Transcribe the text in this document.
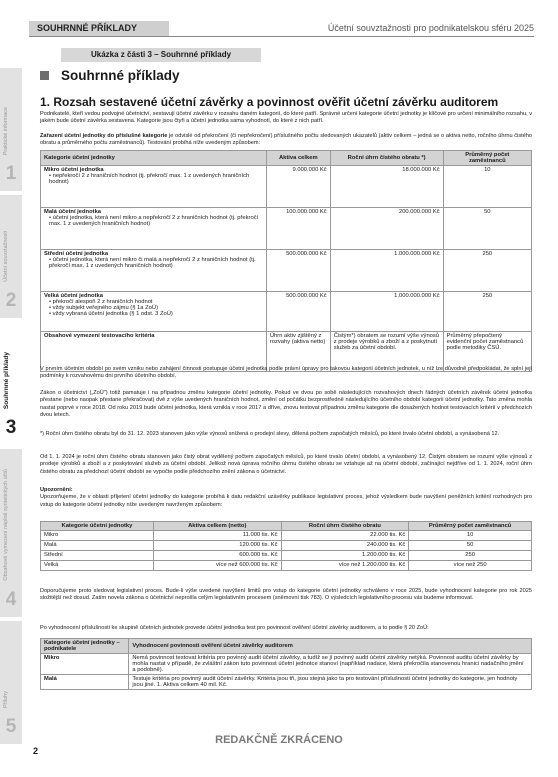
Praktické informace
1
Účetní souvztažnosti
2
Souhrnné příklady
3
Obsahové vymezení náplně syntetických účtů
4
Přílohy
5
SOUHRNNÉ PŘÍKLADY	Účetní souvztažnosti pro podnikatelskou sféru 2025
Ukázka z části 3 – Souhrnné příklady
Souhrnné příklady
1. Rozsah sestavené účetní závěrky a povinnost ověřit účetní závěrku auditorem
Podnikatelé, kteří vedou podvojné účetnictví, sestavují účetní závěrku v rozsahu daném kategorií, do které patří. Správné určení kategorie účetní jednotky je klíčové pro určení minimálního rozsahu, v jakém bude účetní závěrka sestavena. Kategorie jsou čtyři a účetní jednotka sama vyhodnotí, do které z nich patří.
Zařazení účetní jednotky do příslušné kategorie je odvislé od překročení (či nepřekročení) příslušného počtu sledovaných ukazatelů (aktiv celkem – jedná se o aktiva netto, ročního úhrnu čistého obratu a průměrného počtu zaměstnanců). Testování probíhá níže uvedeným způsobem:
Kategorie účetní jednotky	Aktiva celkem	Roční úhrn čistého obratu *)	Průměrný počet zaměstnanců
Mikro účetní jednotka
• nepřekročí 2 z hraničních hodnot (tj. překročí max. 1 z uvedených hraničních hodnot)	9.000.000 Kč	18.000.000 Kč	10
Malá účetní jednotka
• účetní jednotka, která není mikro a nepřekročí 2 z hraničních hodnot (tj. překročí max. 1 z uvedených hraničních hodnot)	100.000.000 Kč	200.000.000 Kč	50
Střední účetní jednotka
• účetní jednotka, která není mikro či malá a nepřekročí 2 z hraničních hodnot (tj. překročí max. 1 z uvedených hraničních hodnot)	500.000.000 Kč	1.000.000.000 Kč	250
Velká účetní jednotka
• překročí alespoň 2 z hraničních hodnot
• vždy subjekt veřejného zájmu (§ 1a ZoÚ)
• vždy vybraná účetní jednotka (§ 1 odst. 3 ZoÚ)	500.000.000 Kč	1.000.000.000 Kč	250
Obsahové vymezení testovacího kritéria	Úhrn aktiv zjištěný z rozvahy (aktiva netto)	Čistým*) obratem se rozumí výše výnosů z prodeje výrobků a zboží a z poskytnutí služeb za účetní období.	Průměrný přepočtený evidenční počet zaměstnanců podle metodiky ČSÚ.
V prvním účetním období po svém vzniku nebo zahájení činnosti postupuje účetní jednotka podle právní úpravy pro takovou kategorii účetních jednotek, u níž lze důvodně předpokládat, že splní její podmínky k rozvahovému dni prvního účetního období.
Zákon o účetnictví („ZoÚ") totiž pamatuje i na případnou změnu kategorie účetní jednotky. Pokud ve dvou po sobě následujících rozvahových dnech řádných účetních závěrek účetní jednotka přestane (nebo naopak přestane překračovat) dvě z výše uvedených hraničních hodnot, změní od počátku bezprostředně následujícího účetního období kategorii účetní jednotky. Tato změna mohla nastat poprvé v roce 2018. Od roku 2019 bude účetní jednotka, která vznikla v roce 2017 a dříve, znovu testovat případnou změnu kategorie dle dosažených hodnot testovacích kritérií v předchozích dvou letech.
*) Roční úhrn čistého obratu byl do 31. 12. 2023 stanoven jako výše výnosů snížená o prodejní slevy, dělená počtem započatých měsíců, po které trvalo účetní období, a vynásobená 12.
Od 1. 1. 2024 je roční úhrn čistého obratu stanoven jako čistý obrat vydělený počtem započatých měsíců, po které trvalo účetní období, a vynásobený 12. Čistým obratem se rozumí výše výnosů z prodeje výrobků a zboží a z poskytování služeb za účetní období. Jelikož nová úprava ročního úhrnu čistého obratu se vztahuje až na účetní období, začínající nejdříve od 1. 1. 2024, roční úhrn čistého obratu za předchozí účetní období se vypočte podle předchozího znění zákona o účetnictví.
Upozornění:
Upozorňujeme, že v oblasti příjetení účetní jednotky do kategorie probíhá k datu redakční uzávěrky publikace legislativní proces, jehož výsledkem bude navýšení peněžních kritérií rozhodných pro vstup do kategorie účetní jednotky níže uvedeným navrženým způsobem:
Kategorie účetní jednotky	Aktiva celkem (netto)	Roční úhrn čistého obratu	Průměrný počet zaměstnanců
Mikro	11.000 tis. Kč	22.000 tis. Kč	10
Malá	120.000 tis. Kč	240.000 tis. Kč	50
Střední	600.000 tis. Kč	1.200.000 tis. Kč	250
Velká	více než 600.000 tis. Kč	více než 1.200.000 tis. Kč	více než 250
Doporučujeme proto sledovat legislativní proces. Bude-li výše uvedené navýšení limitů pro vstup do kategorie účetní jednotky schváleno v roce 2025, bude vyhodnocení kategorie pro rok 2025 složitější než dosud. Zatím novela zákona o účetnictví neprošla celým legislativním procesem (sněmovní tisk 783). O výsledcích legislativního procesu vás budeme informovat.
Po vyhodnocení příslušnosti ke skupině účetních jednotek provede účetní jednotka test pro povinnost ověření účetní závěrky auditorem, a to podle § 20 ZoÚ:
Kategorie účetní jednotky – podnikatele	Vyhodnocení povinnosti ověření účetní závěrky auditorem
Mikro	Nemá povinnost testovat kritéria pro povinný audit účetní závěrky, a tudíž se jí povinný audit účetní závěrky netýká. Povinnost auditu účetní závěrky by mohla nastat v případě, že zvláštní zákon tuto povinnost účetní jednotce stanoví (například nadace, která překročila stanovenou hranici nadačního jmění a podobně).
Malá	Testuje kritéria pro povinný audit účetní závěrky. Kritéria jsou tři, jsou stejná jako ta pro testování příslušnosti účetní jednotky do kategorie, jen hodnoty jsou jiné. 1. Aktiva celkem 40 mil. Kč.
REDAKČNĚ ZKRÁCENO
2
